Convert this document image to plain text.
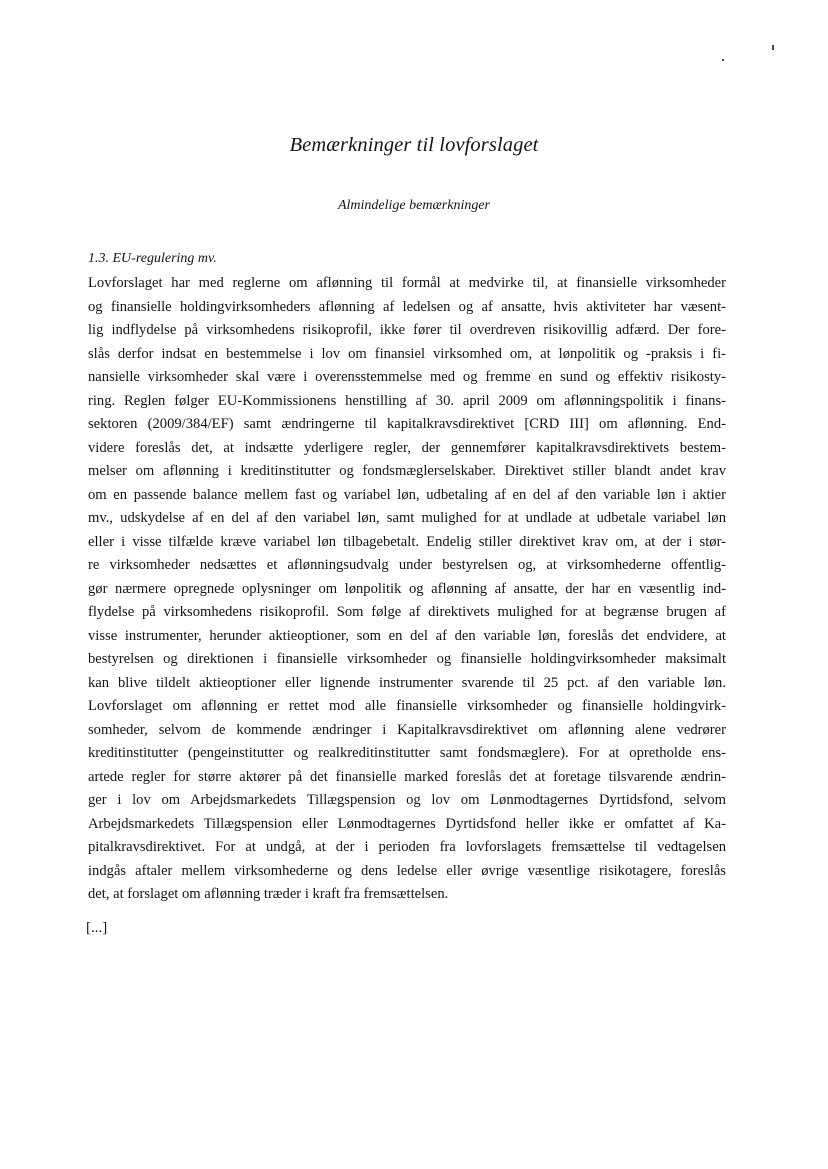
Bemærkninger til lovforslaget
Almindelige bemærkninger
1.3. EU-regulering mv.
Lovforslaget har med reglerne om aflønning til formål at medvirke til, at finansielle virksomheder
og finansielle holdingvirksomheders aflønning af ledelsen og af ansatte, hvis aktiviteter har væsent-
lig indflydelse på virksomhedens risikoprofil, ikke fører til overdreven risikovillig adfærd. Der fore-
slås derfor indsat en bestemmelse i lov om finansiel virksomhed om, at lønpolitik og -praksis i fi-
nansielle virksomheder skal være i overensstemmelse med og fremme en sund og effektiv risikosty-
ring. Reglen følger EU-Kommissionens henstilling af 30. april 2009 om aflønningspolitik i finans-
sektoren (2009/384/EF) samt ændringerne til kapitalkravsdirektivet [CRD III] om aflønning. End-
videre foreslås det, at indsætte yderligere regler, der gennemfører kapitalkravsdirektivets bestem-
melser om aflønning i kreditinstitutter og fondsmæglerselskaber. Direktivet stiller blandt andet krav
om en passende balance mellem fast og variabel løn, udbetaling af en del af den variable løn i aktier
mv., udskydelse af en del af den variabel løn, samt mulighed for at undlade at udbetale variabel løn
eller i visse tilfælde kræve variabel løn tilbagebetalt. Endelig stiller direktivet krav om, at der i stør-
re virksomheder nedsættes et aflønningsudvalg under bestyrelsen og, at virksomhederne offentlig-
gør nærmere opregnede oplysninger om lønpolitik og aflønning af ansatte, der har en væsentlig ind-
flydelse på virksomhedens risikoprofil. Som følge af direktivets mulighed for at begrænse brugen af
visse instrumenter, herunder aktieoptioner, som en del af den variable løn, foreslås det endvidere, at
bestyrelsen og direktionen i finansielle virksomheder og finansielle holdingvirksomheder maksimalt
kan blive tildelt aktieoptioner eller lignende instrumenter svarende til 25 pct. af den variable løn.
Lovforslaget om aflønning er rettet mod alle finansielle virksomheder og finansielle holdingvirk-
somheder, selvom de kommende ændringer i Kapitalkravsdirektivet om aflønning alene vedrører
kreditinstitutter (pengeinstitutter og realkreditinstitutter samt fondsmæglere). For at opretholde ens-
artede regler for større aktører på det finansielle marked foreslås det at foretage tilsvarende ændrin-
ger i lov om Arbejdsmarkedets Tillægspension og lov om Lønmodtagernes Dyrtidsfond, selvom
Arbejdsmarkedets Tillægspension eller Lønmodtagernes Dyrtidsfond heller ikke er omfattet af Ka-
pitalkravsdirektivet. For at undgå, at der i perioden fra lovforslagets fremsættelse til vedtagelsen
indgås aftaler mellem virksomhederne og dens ledelse eller øvrige væsentlige risikotagere, foreslås
det, at forslaget om aflønning træder i kraft fra fremsættelsen.
[...]
